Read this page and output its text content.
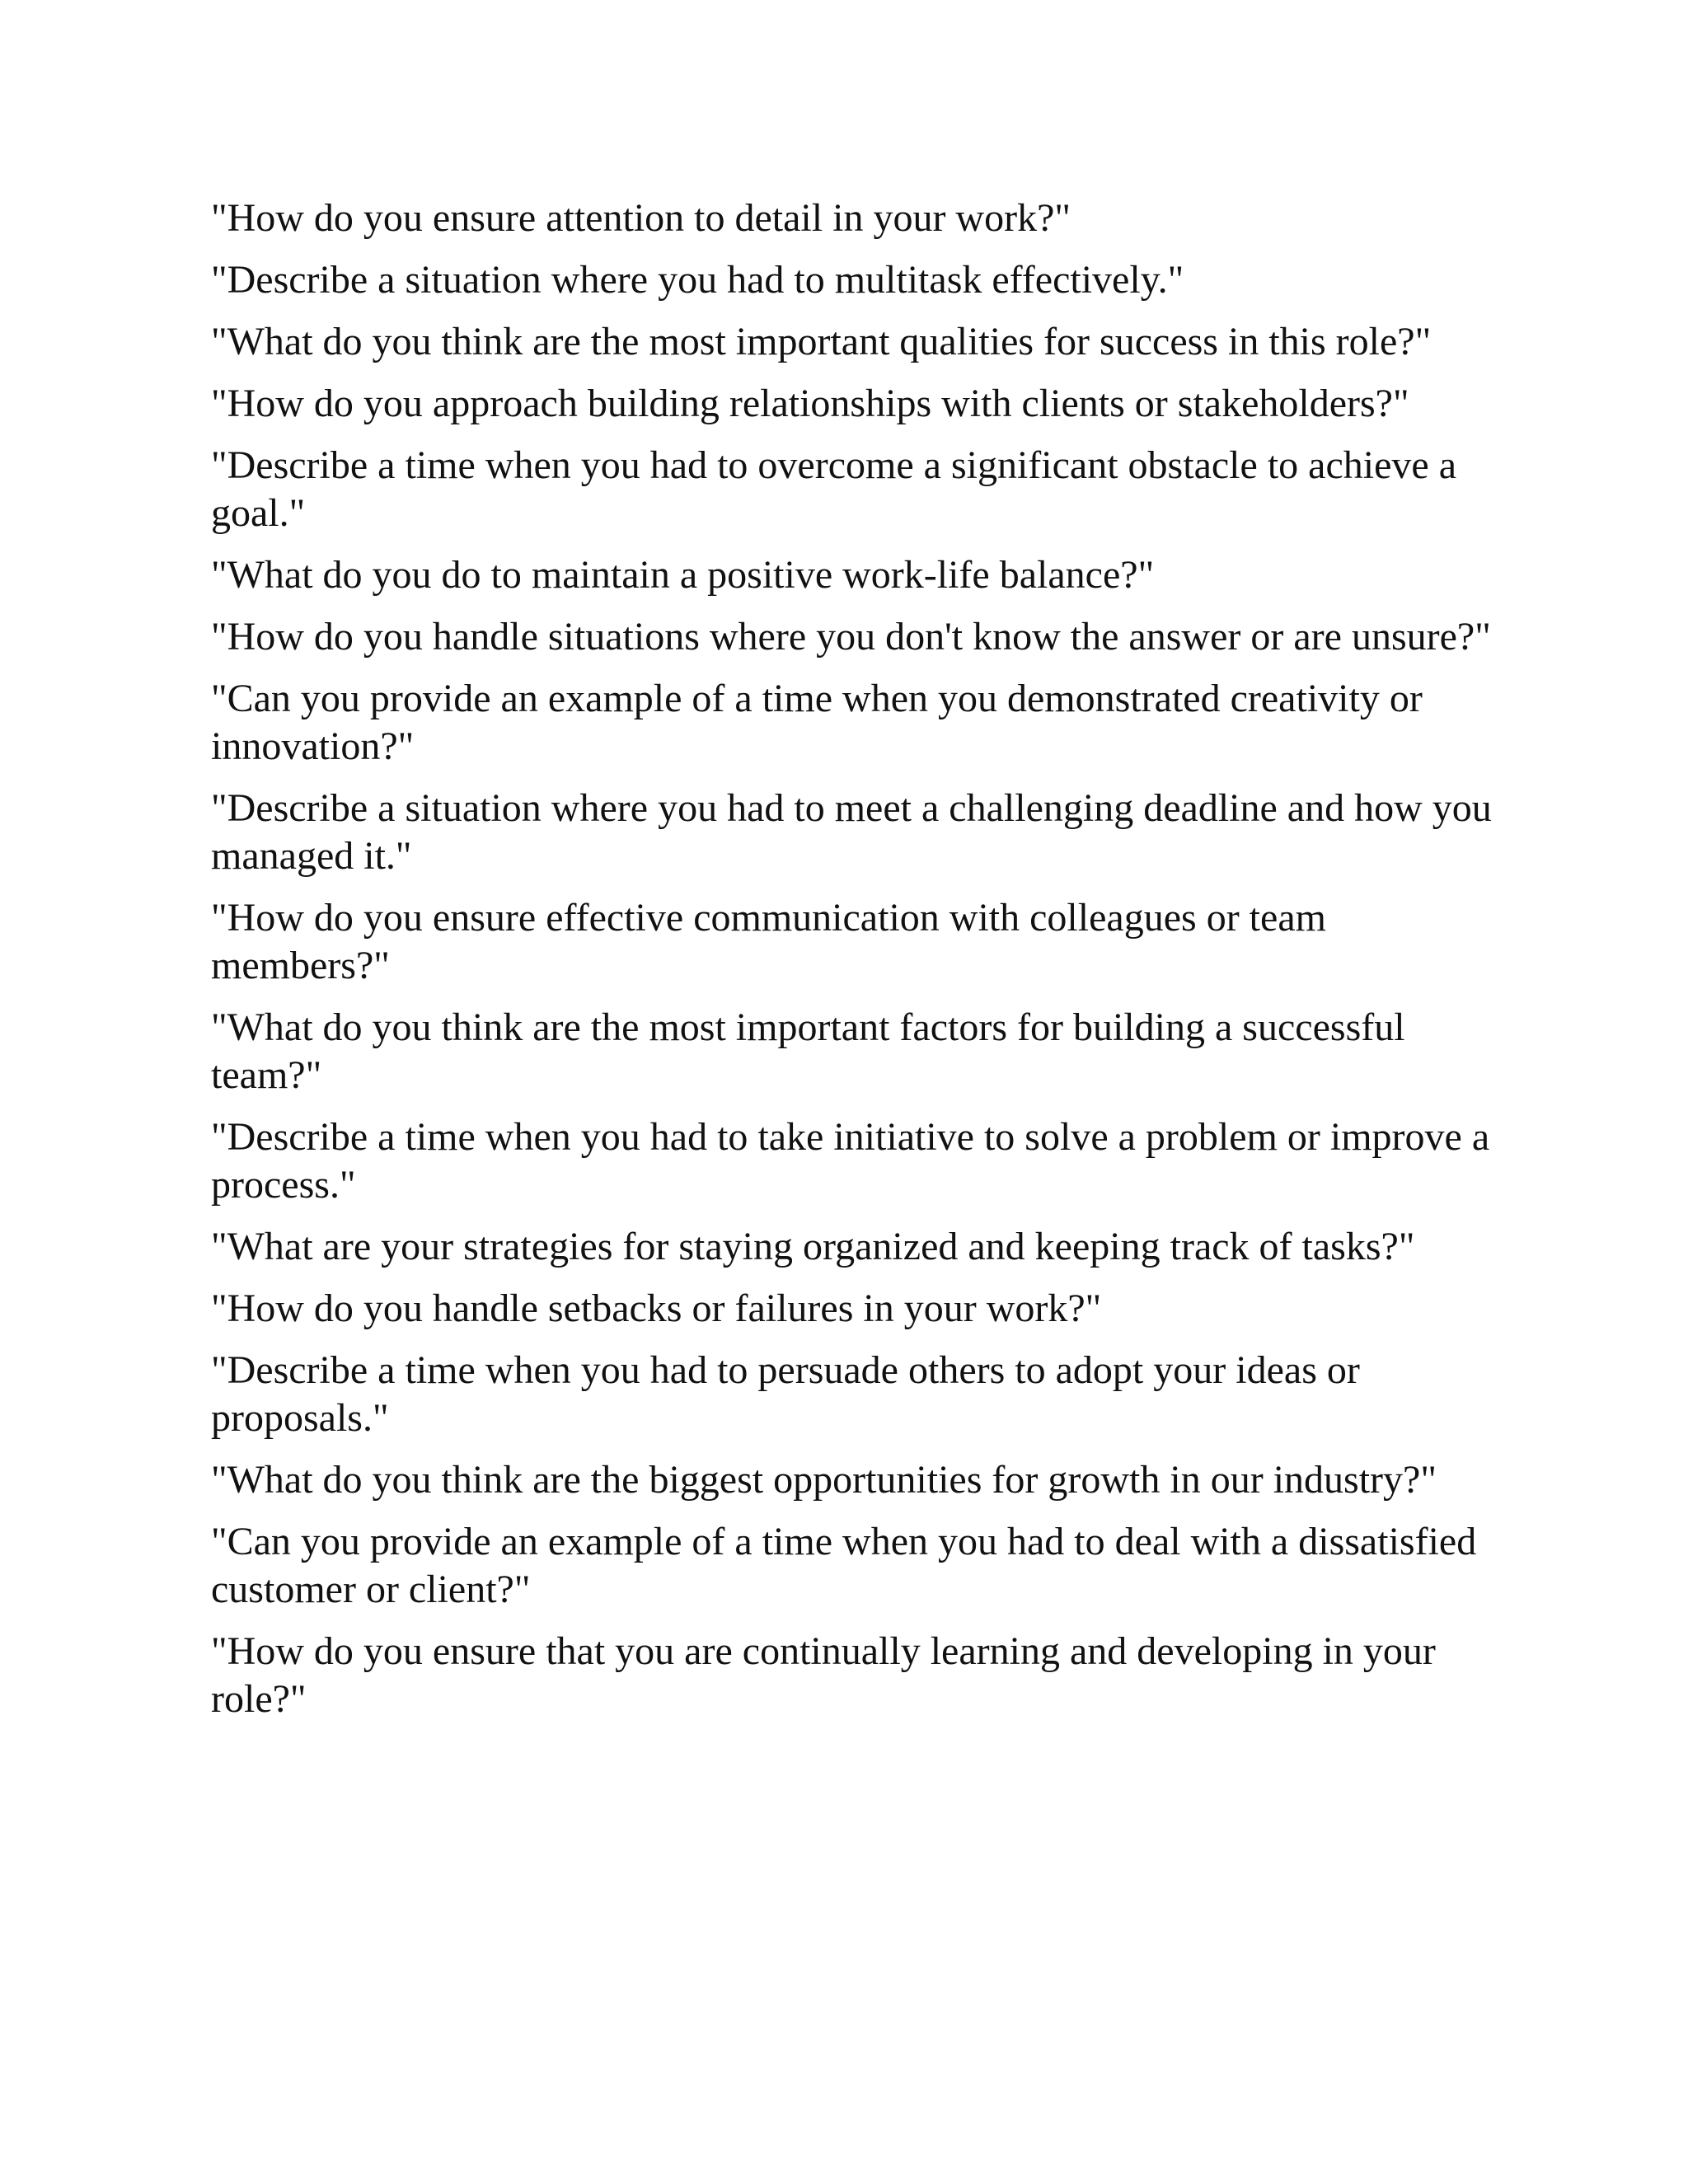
"How do you ensure attention to detail in your work?"
"Describe a situation where you had to multitask effectively."
"What do you think are the most important qualities for success in this role?"
"How do you approach building relationships with clients or stakeholders?"
"Describe a time when you had to overcome a significant obstacle to achieve a goal."
"What do you do to maintain a positive work-life balance?"
"How do you handle situations where you don't know the answer or are unsure?"
"Can you provide an example of a time when you demonstrated creativity or innovation?"
"Describe a situation where you had to meet a challenging deadline and how you managed it."
"How do you ensure effective communication with colleagues or team members?"
"What do you think are the most important factors for building a successful team?"
"Describe a time when you had to take initiative to solve a problem or improve a process."
"What are your strategies for staying organized and keeping track of tasks?"
"How do you handle setbacks or failures in your work?"
"Describe a time when you had to persuade others to adopt your ideas or proposals."
"What do you think are the biggest opportunities for growth in our industry?"
"Can you provide an example of a time when you had to deal with a dissatisfied customer or client?"
"How do you ensure that you are continually learning and developing in your role?"
